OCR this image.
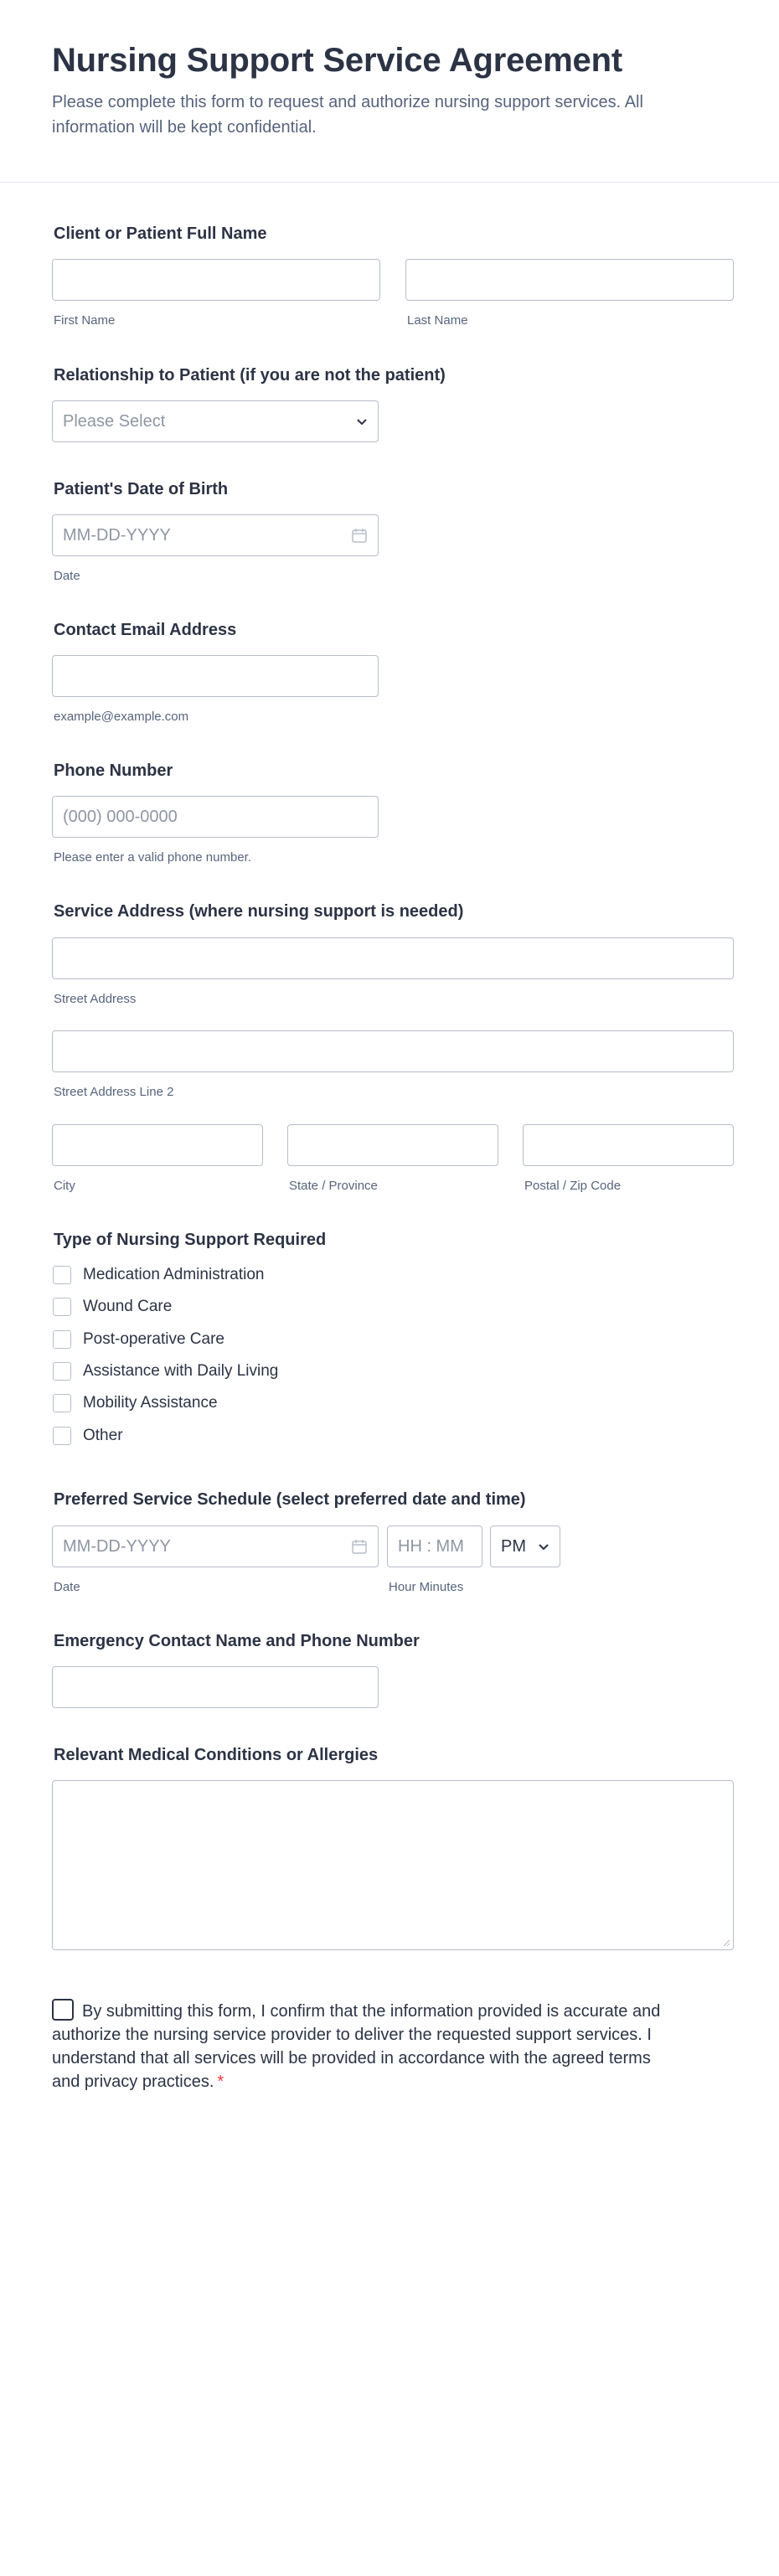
Nursing Support Service Agreement

Please complete this form to request and authorize nursing support services. All information will be kept confidential.

Client or Patient Full Name
First Name	Last Name
Relationship to Patient (if you are not the patient)
Please Select
Patient's Date of Birth
MM-DD-YYYY
Date
Contact Email Address
example@example.com
Phone Number
(000) 000-0000
Please enter a valid phone number.
Service Address (where nursing support is needed)
Street Address
Street Address Line 2
City	State / Province	Postal / Zip Code
Type of Nursing Support Required
Medication Administration
Wound Care
Post-operative Care
Assistance with Daily Living
Mobility Assistance
Other
Preferred Service Schedule (select preferred date and time)
MM-DD-YYYY	HH : MM PM
Date	Hour Minutes
Emergency Contact Name and Phone Number
Relevant Medical Conditions or Allergies
By submitting this form, I confirm that the information provided is accurate and authorize the nursing service provider to deliver the requested support services. I understand that all services will be provided in accordance with the agreed terms and privacy practices. *
